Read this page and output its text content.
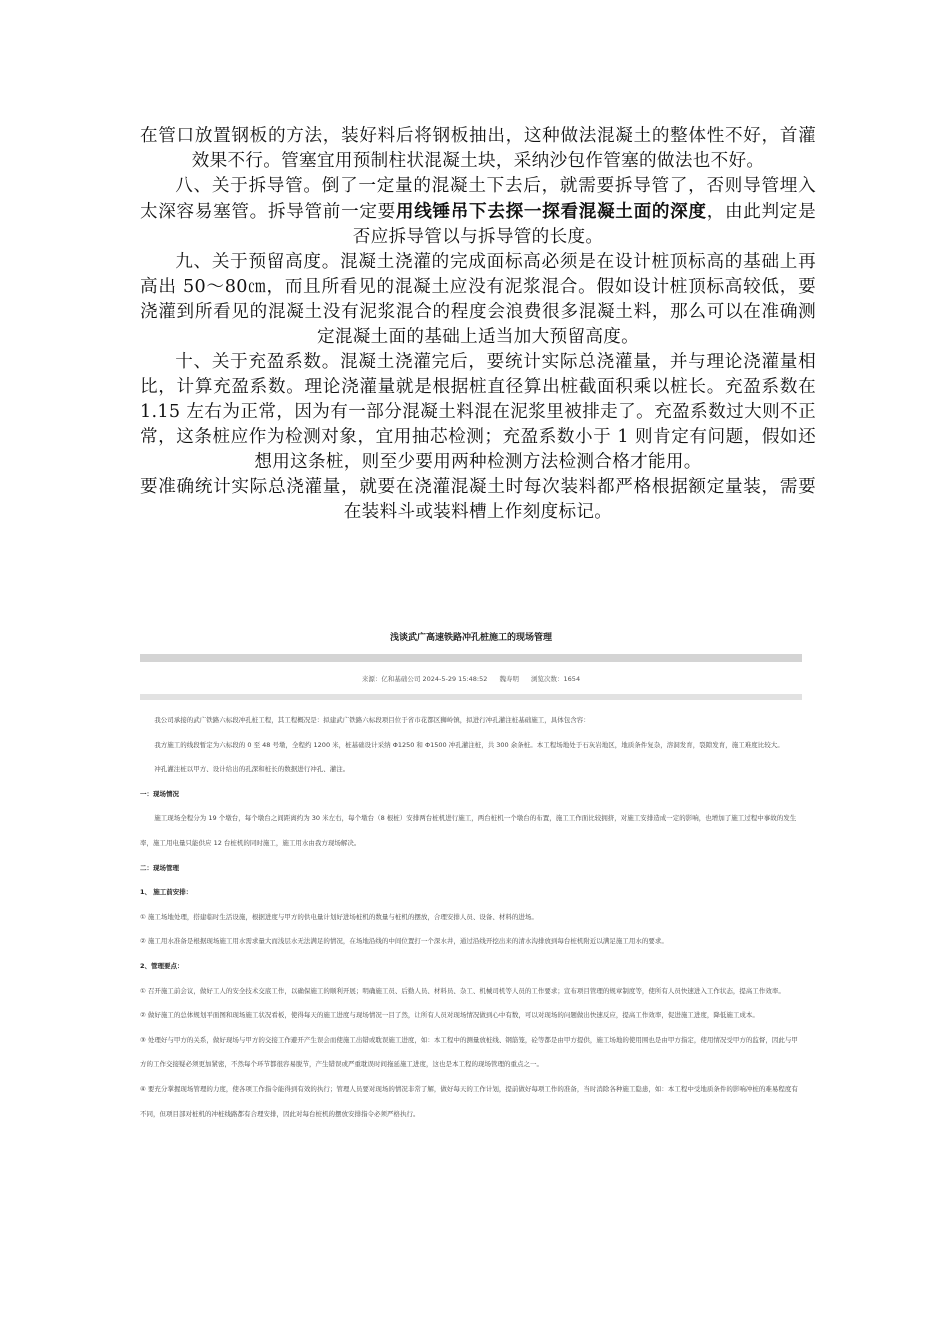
在管口放置钢板的方法，装好料后将钢板抽出，这种做法混凝土的整体性不好，首灌效果不行。管塞宜用预制柱状混凝土块，采纳沙包作管塞的做法也不好。

八、关于拆导管。倒了一定量的混凝土下去后，就需要拆导管了，否则导管埋入太深容易塞管。拆导管前一定要用线锤吊下去探一探看混凝土面的深度，由此判定是否应拆导管以与拆导管的长度。

九、关于预留高度。混凝土浇灌的完成面标高必须是在设计桩顶标高的基础上再高出 50～80㎝，而且所看见的混凝土应没有泥浆混合。假如设计桩顶标高较低，要浇灌到所看见的混凝土没有泥浆混合的程度会浪费很多混凝土料，那么可以在准确测定混凝土面的基础上适当加大预留高度。

十、关于充盈系数。混凝土浇灌完后，要统计实际总浇灌量，并与理论浇灌量相比，计算充盈系数。理论浇灌量就是根据桩直径算出桩截面积乘以桩长。充盈系数在 1.15 左右为正常，因为有一部分混凝土料混在泥浆里被排走了。充盈系数过大则不正常，这条桩应作为检测对象，宜用抽芯检测；充盈系数小于 1 则肯定有问题，假如还想用这条桩，则至少要用两种检测方法检测合格才能用。

要准确统计实际总浇灌量，就要在浇灌混凝土时每次装料都严格根据额定量装，需要在装料斗或装料槽上作刻度标记。

浅谈武广高速铁路冲孔桩施工的现场管理
来源：亿和基础公司 2024-5-29 15:48:52 魏寿明 浏览次数：1654

我公司承接的武广铁路六标段冲孔桩工程，其工程概况是：拟建武广铁路六标段项目位于省市花都区狮岭镇，拟进行冲孔灌注桩基础施工，具体包含容：

我方施工的线段暂定为六标段的 0 至 48 号墩，全程约 1200 米，桩基础设计采纳 Φ1250 和 Φ1500 冲孔灌注桩，共 300 余条桩。本工程场地处于石灰岩地区，地质条件复杂，溶洞发育，裂隙发育，施工难度比较大。

冲孔灌注桩以甲方、设计给出的孔深和桩长的数据进行冲孔、灌注。

一：现场情况

施工现场全程分为 19 个墩台，每个墩台之间距离约为 30 米左右，每个墩台（8 根桩）安排两台桩机进行施工，两台桩机一个墩台的布置，施工工作面比较拥挤，对施工安排造成一定的影响，也增加了施工过程中事故的发生率，施工用电量只能供应 12 台桩机的同时施工，施工用水由我方现场解决。

二：现场管理

1、 施工前安排：

① 施工场地处理，搭建临时生活设施，根据进度与甲方的供电量计划好进场桩机的数量与桩机的摆放，合理安排人员、设备、材料的进场。

② 施工用水准备是根据现场施工用水需求量大而浅层水无法满足的情况，在场地沿线的中间位置打一个深水井，通过沿线开挖出来的清水沟排放到每台桩机附近以满足施工用水的要求。

2、管理要点：

① 召开施工前会议，做好工人的安全技术交底工作，以确保施工的顺利开展；明确施工员、后勤人员、材料员、杂工、机械司机等人员的工作要求；宣布项目管理的规章制度等，使所有人员快速进入工作状态，提高工作效率。

② 做好施工的总体规划平面图和现场施工状况看板，使得每天的施工进度与现场情况一目了然，让所有人员对现场情况做到心中有数，可以对现场的问题做出快速反应，提高工作效率，促进施工进度，降低施工成本。

③ 处理好与甲方的关系，做好现场与甲方的交接工作避开产生误会而使施工出错或耽误施工进度，如：本工程中的测量放桩线、钢筋笼，砼等都是由甲方提供，施工场地的使用围也是由甲方指定，使用情况受甲方的监督，因此与甲方的工作交接疑必须更加紧密，不然每个环节都很容易脱节，产生错误或严重耽误时间拖延施工进度，这也是本工程的现场管理的重点之一。

④ 要充分掌握现场管理的力度，使各项工作指令能得到有效的执行；管理人员要对现场的情况非常了解，做好每天的工作计划，提前做好每项工作的准备，当时消除各种施工隐患，如：本工程中受地质条件的影响冲桩的难易程度有不同，但项目部对桩机的冲桩线路都有合理安排，因此对每台桩机的摆放安排指令必须严格执行。
